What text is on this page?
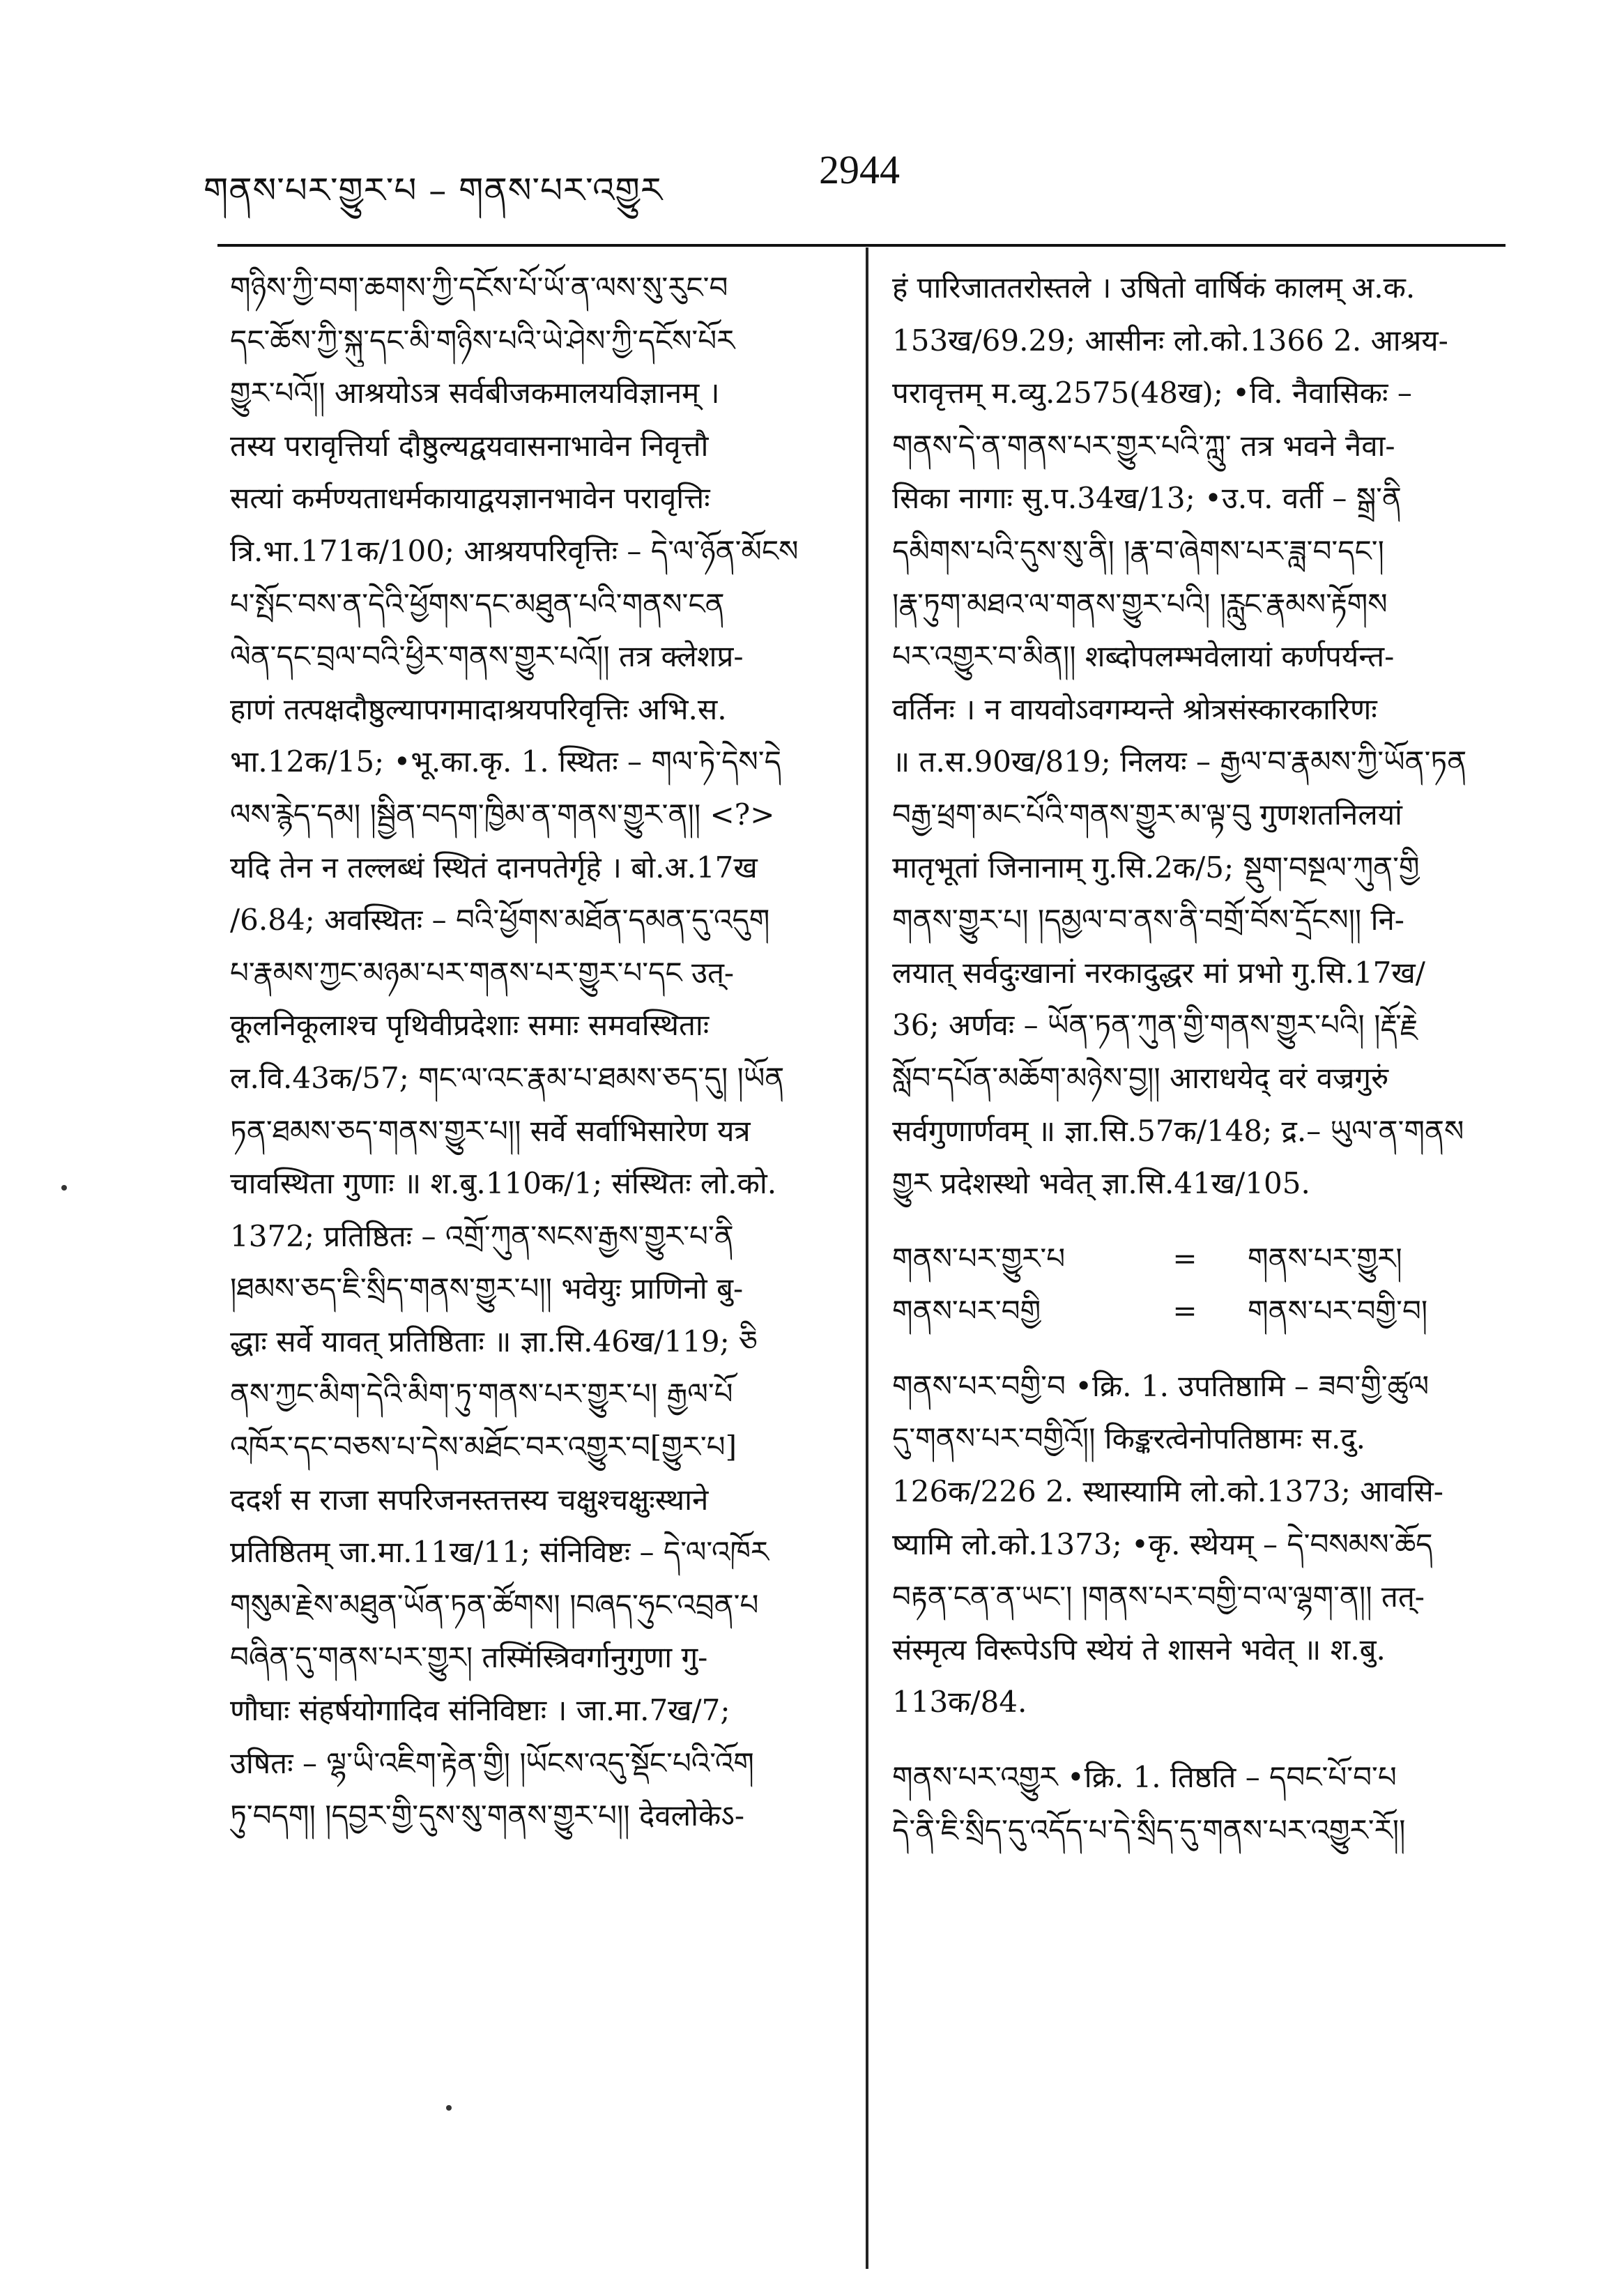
གནས་པར་གྱུར་པ – གནས་པར་འགྱུར	2944
གཉིས་ཀྱི་བག་ཆགས་ཀྱི་དངོས་པོ་ཡོ་ན་ལས་སུ་རུང་བ
དང་ཆོས་ཀྱི་སྐུ་དང་མི་གཉིས་པའི་ཡེ་ཤེས་ཀྱི་དངོས་པོར
གྱུར་པའོ།། आश्रयोऽत्र सर्वबीजकमालयविज्ञानम् ।
तस्य परावृत्तिर्या दौष्ठुल्यद्वयवासनाभावेन निवृत्तौ
सत्यां कर्मण्यताधर्मकायाद्वयज्ञानभावेन परावृत्तिः
त्रि.भा.171क/100; आश्रयपरिवृत्तिः – དེ་ལ་ཉོན་མོངས
པ་སྤོང་བས་ན་དེའི་ཕྱོགས་དང་མཐུན་པའི་གནས་ངན
ལེན་དང་བྲལ་བའི་ཕྱིར་གནས་གྱུར་པའོ།། तत्र क्लेशप्र-
हाणं तत्पक्षदौष्ठुल्यापगमादाश्रयपरिवृत्तिः अभि.स.
भा.12क/15; •भू.का.कृ. 1. स्थितः – གལ་ཏེ་དེས་དེ
ལས་རྙེད་དམ། །སྦྱིན་བདག་ཁྱིམ་ན་གནས་གྱུར་ན།། <?>
यदि तेन न तल्लब्धं स्थितं दानपतेर्गृहे । बो.अ.17ख
/6.84; अवस्थितः – བའི་ཕྱོགས་མཐོན་དམན་དུ་འདུག
པ་རྣམས་ཀྱང་མཉམ་པར་གནས་པར་གྱུར་པ་དང उत्-
कूलनिकूलाश्च पृथिवीप्रदेशाः समाः समवस्थिताः
ल.वि.43क/57; གང་ལ་འང་རྣམ་པ་ཐམས་ཅད་དུ། །ཡོན
ཏན་ཐམས་ཅད་གནས་གྱུར་པ།། सर्वे सर्वाभिसारेण यत्र
चावस्थिता गुणाः ॥ श.बु.110क/1; संस्थितः लो.को.
1372; प्रतिष्ठितः – འགྲོ་ཀུན་སངས་རྒྱས་གྱུར་པ་ནི
།ཐམས་ཅད་ཇི་སྲིད་གནས་གྱུར་པ།། भवेयुः प्राणिनो बु-
द्धाः सर्वे यावत् प्रतिष्ठिताः ॥ ज्ञा.सि.46ख/119; ཅི
ནས་ཀྱང་མིག་དེའི་མིག་ཏུ་གནས་པར་གྱུར་པ། རྒྱལ་པོ
འཁོར་དང་བཅས་པ་དེས་མཐོང་བར་འགྱུར་བ[གྱུར་པ]
ददर्श स राजा सपरिजनस्तत्तस्य चक्षुश्चक्षुःस्थाने
प्रतिष्ठितम् जा.मा.11ख/11; संनिविष्टः – དེ་ལ་འཁོར
གསུམ་རྗེས་མཐུན་ཡོན་ཏན་ཚོགས། །བཞད་ཧུང་འབྲན་པ
བཞིན་དུ་གནས་པར་གྱུར། तस्मिंस्त्रिवर्गानुगुणा गु-
णौघाः संहर्षयोगादिव संनिविष्टाः । जा.मा.7ख/7;
उषितः – ལྷ་ཡི་འཇིག་རྟེན་གྱི། །ཡོངས་འདུ་སྡོང་པའི་འོག
ཏུ་བདག། །དབྱར་གྱི་དུས་སུ་གནས་གྱུར་པ།། देवलोकेऽ-
हं पारिजाततरोस्तले । उषितो वार्षिकं कालम् अ.क.
153ख/69.29; आसीनः लो.को.1366 2. आश्रय-
परावृत्तम् म.व्यु.2575(48ख); •वि. नैवासिकः –
གནས་དེ་ན་གནས་པར་གྱུར་པའི་ཀླུ་ तत्र भवने नैवा-
सिका नागाः सु.प.34ख/13; •उ.प. वर्ती – སྒྲ་ནི
དམིགས་པའི་དུས་སུ་ནི། །རྣ་བ་ཞེགས་པར་ཟླ་བ་དང་།
།རྣ་ཏུག་མཐའ་ལ་གནས་གྱུར་པའི། །རླུང་རྣམས་རྟོགས
པར་འགྱུར་བ་མིན།། शब्दोपलम्भवेलायां कर्णपर्यन्त-
वर्तिनः । न वायवोऽवगम्यन्ते श्रोत्रसंस्कारकारिणः
॥ त.स.90ख/819; निलयः – རྒྱལ་བ་རྣམས་ཀྱི་ཡོན་ཏན
བརྒྱ་ཕྲག་མང་པོའི་གནས་གྱུར་མ་ལྟ་བུ गुणशतनिलयां
मातृभूतां जिनानाम् गु.सि.2क/5; སྡུག་བསྔལ་ཀུན་གྱི
གནས་གྱུར་པ། །དམྱལ་བ་ནས་ནི་བགྲོ་བོས་དྲོངས།། नि-
लयात् सर्वदुःखानां नरकादुद्धर मां प्रभो गु.सि.17ख/
36; अर्णवः – ཡོན་ཏན་ཀུན་གྱི་གནས་གྱུར་པའི། །རྡོ་རྗེ
སློབ་དཔོན་མཆོག་མཉེས་བྱ།། आराधयेद् वरं वज्रगुरुं
सर्वगुणार्णवम् ॥ ज्ञा.सि.57क/148; द्र.– ཡུལ་ན་གནས
གྱུར प्रदेशस्थो भवेत् ज्ञा.सि.41ख/105.
གནས་པར་གྱུར་པ	=	གནས་པར་གྱུར།
གནས་པར་བགྱི	=	གནས་པར་བགྱི་བ།
གནས་པར་བགྱི་བ •क्रि. 1. उपतिष्ठामि – ཟབ་གྱི་ཚུལ
དུ་གནས་པར་བགྱིའོ།། किङ्करत्वेनोपतिष्ठामः स.दु.
126क/226 2. स्थास्यामि लो.को.1373; आवसि-
ष्यामि लो.को.1373; •कृ. स्थेयम् – དེ་བསམས་ཆོད
བརྟན་ངན་ན་ཡང་། །གནས་པར་བགྱི་བ་ལ་ལྷག་ན།། तत्-
संस्मृत्य विरूपेऽपि स्थेयं ते शासने भवेत् ॥ श.बु.
113क/84.
གནས་པར་འགྱུར •क्रि. 1. तिष्ठति – དབང་པོ་བ་པ
དེ་ནི་ཇི་སྲིད་དུ་འདོད་པ་དེ་སྲིད་དུ་གནས་པར་འགྱུར་རོ།།
